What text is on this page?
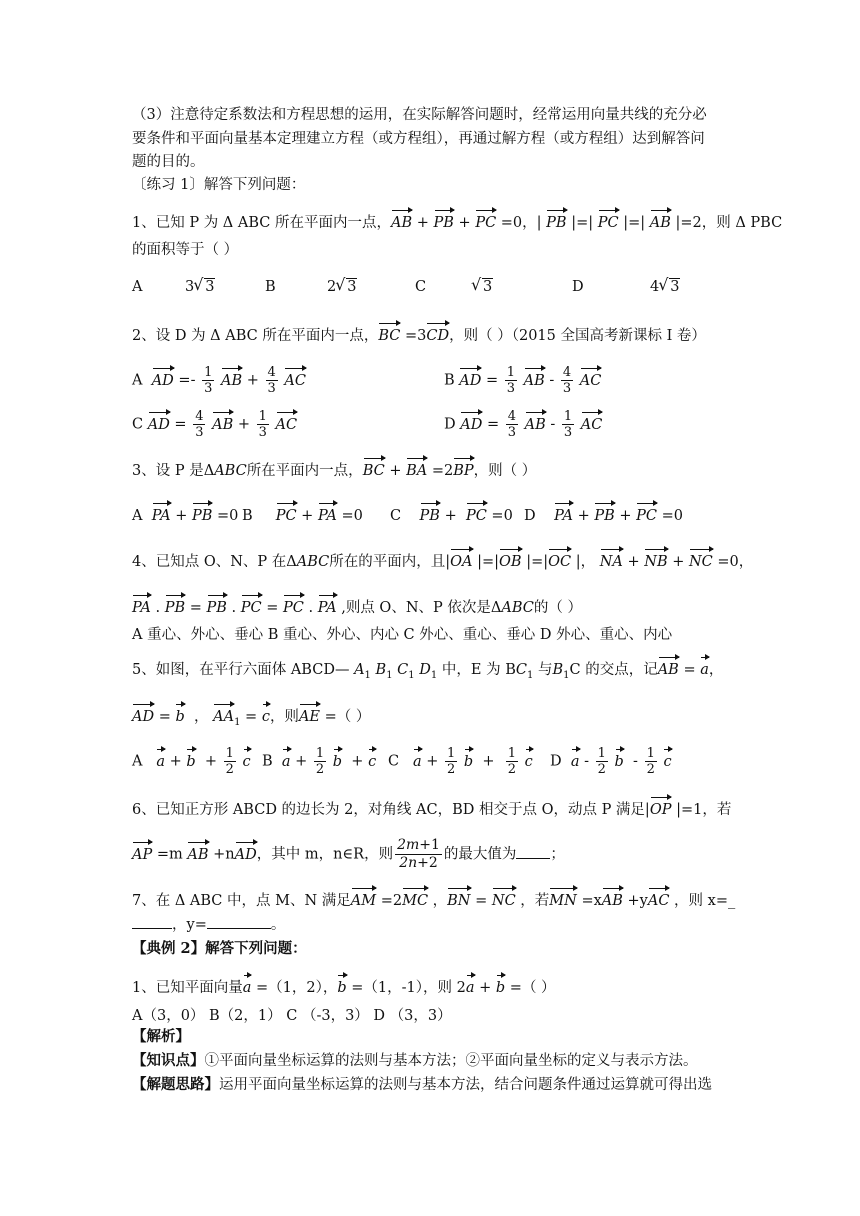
（3）注意待定系数法和方程思想的运用，在实际解答问题时，经常运用向量共线的充分必
要条件和平面向量基本定理建立方程（或方程组），再通过解方程（或方程组）达到解答问
题的目的。
〔练习 1〕解答下列问题：
1、已知 P 为 Δ ABC 所在平面内一点，AB + PB + PC =0，| PB |=| PC |=| AB |=2，则 Δ PBC
的面积等于（ ）
A	3 √ 3	B	2 √ 3	C	√ 3	D	4 √ 3
2、设 D 为 Δ ABC 所在平面内一点，BC =3CD，则（ ）（2015 全国高考新课标 I 卷）
A AD =- $\frac{1}{3}$ AB + $\frac{4}{3}$ AC	B AD = $\frac{1}{3}$ AB - $\frac{4}{3}$ AC
C AD = $\frac{4}{3}$ AB + $\frac{1}{3}$ AC	D AD = $\frac{4}{3}$ AB - $\frac{1}{3}$ AC
3、设 P 是ΔABC所在平面内一点，BC + BA =2BP，则（ ）
A PA + PB =0 B PC + PA =0 C PB +  PC =0 D PA + PB + PC =0
4、已知点 O、N、P 在ΔABC所在的平面内，且|OA |=|OB |=|OC |， NA + NB + NC =0，
PA . PB = PB . PC = PC . PA ,则点 O、N、P 依次是ΔABC的（ ）
A 重心、外心、垂心 B 重心、外心、内心 C 外心、重心、垂心 D 外心、重心、内心
5、如图，在平行六面体 ABCD— $A_1$ $B_1$ $C_1$ $D_1$ 中，E 为 $BC_1$ 与$B_1C$ 的交点，记AB = a，
AD = b ， $AA_1 = c$，则AE =（ ）
A $a + b + \frac{1}{2}$ c B $a + \frac{1}{2}$ b  + c C $a + \frac{1}{2}$ $b + \frac{1}{2}$ c D a - $\frac{1}{2}$ b  - $\frac{1}{2}$ c
6、已知正方形 ABCD 的边长为 2，对角线 AC，BD 相交于点 O，动点 P 满足|OP |=1，若
AP =m AB +nAD，其中 m，n∈R，则 $\frac{2m+1}{2n+2}$ 的最大值为 ；
7、在 Δ ABC 中，点 M、N 满足AM =2MC ，BN = NC ，若MN =xAB +yAC ，则 x=_
，y=	。
【典例 2】解答下列问题：
1、已知平面向量a =（1，2），b =（1，-1），则 2a + b =（ ）
A（3，0） B（2，1） C （-3，3） D （3，3）
【解析】
【知识点】①平面向量坐标运算的法则与基本方法；②平面向量坐标的定义与表示方法。
【解题思路】运用平面向量坐标运算的法则与基本方法，结合问题条件通过运算就可得出选
